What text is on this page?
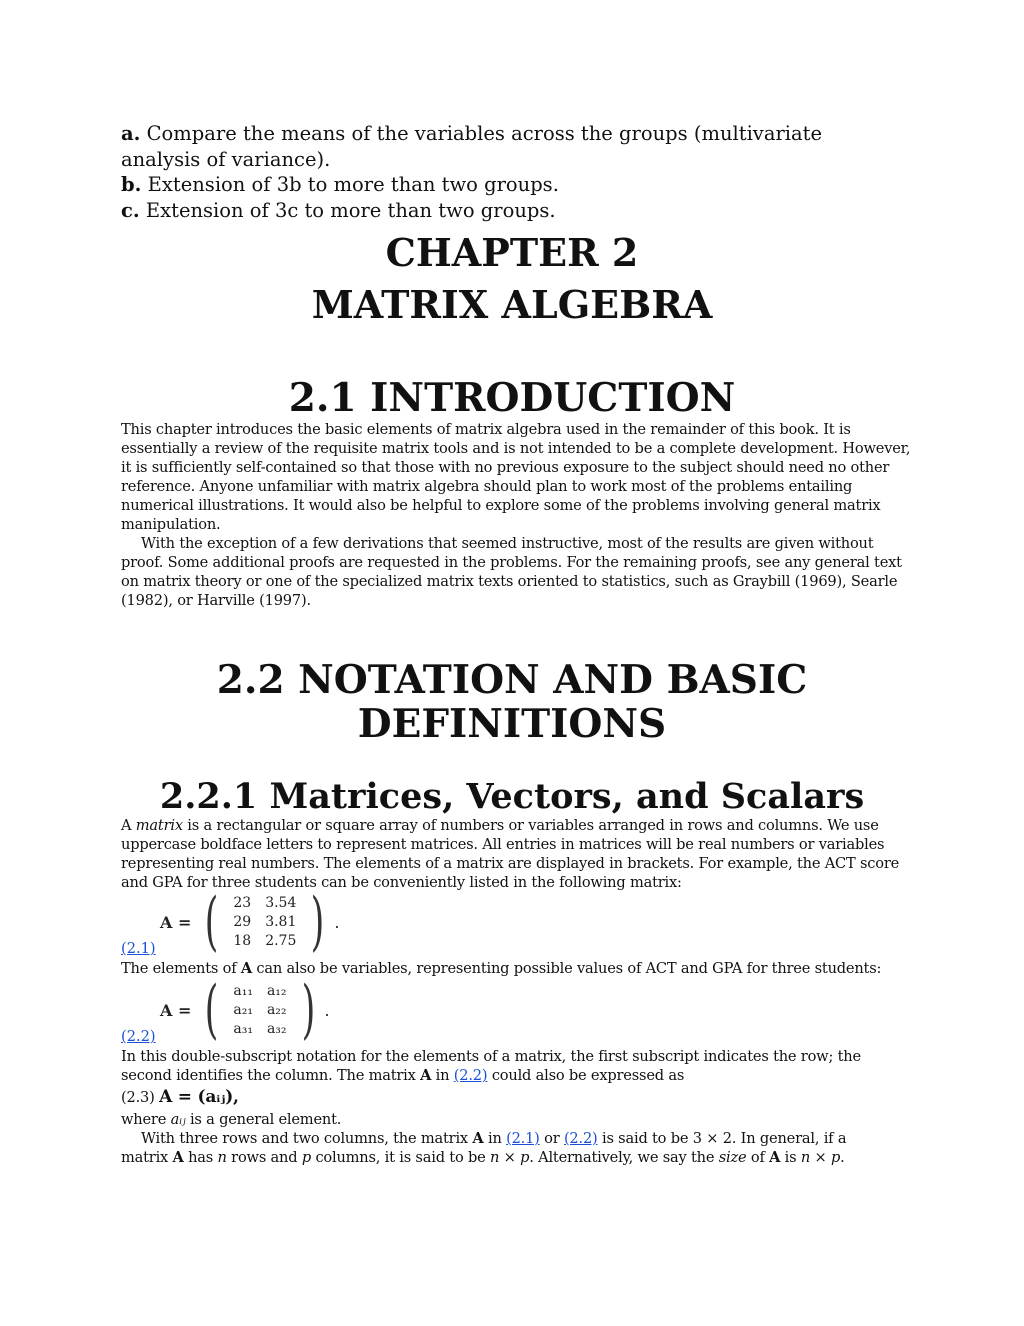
a. Compare the means of the variables across the groups (multivariate analysis of variance).

b. Extension of 3b to more than two groups.

c. Extension of 3c to more than two groups.

CHAPTER 2
MATRIX ALGEBRA
2.1 INTRODUCTION

This chapter introduces the basic elements of matrix algebra used in the remainder of this book. It is essentially a review of the requisite matrix tools and is not intended to be a complete development. However, it is sufficiently self-contained so that those with no previous exposure to the subject should need no other reference. Anyone unfamiliar with matrix algebra should plan to work most of the problems entailing numerical illustrations. It would also be helpful to explore some of the problems involving general matrix manipulation.

With the exception of a few derivations that seemed instructive, most of the results are given without proof. Some additional proofs are requested in the problems. For the remaining proofs, see any general text on matrix theory or one of the specialized matrix texts oriented to statistics, such as Graybill (1969), Searle (1982), or Harville (1997).

2.2 NOTATION AND BASIC
DEFINITIONS
2.2.1 Matrices, Vectors, and Scalars

A matrix is a rectangular or square array of numbers or variables arranged in rows and columns. We use uppercase boldface letters to represent matrices. All entries in matrices will be real numbers or variables representing real numbers. The elements of a matrix are displayed in brackets. For example, the ACT score and GPA for three students can be conveniently listed in the following matrix:

A = ( 23	3.54
29	3.81
18	2.75 ) .
(2.1)

The elements of A can also be variables, representing possible values of ACT and GPA for three students:

A = ( a₁₁	a₁₂
a₂₁	a₂₂
a₃₁	a₃₂ ) .
(2.2)

In this double-subscript notation for the elements of a matrix, the first subscript indicates the row; the

second identifies the column. The matrix A in (2.2) could also be expressed as

(2.3) A = (aᵢⱼ),

where aᵢⱼ is a general element.

With three rows and two columns, the matrix A in (2.1) or (2.2) is said to be 3 × 2. In general, if a

matrix A has n rows and p columns, it is said to be n × p. Alternatively, we say the size of A is n × p.
